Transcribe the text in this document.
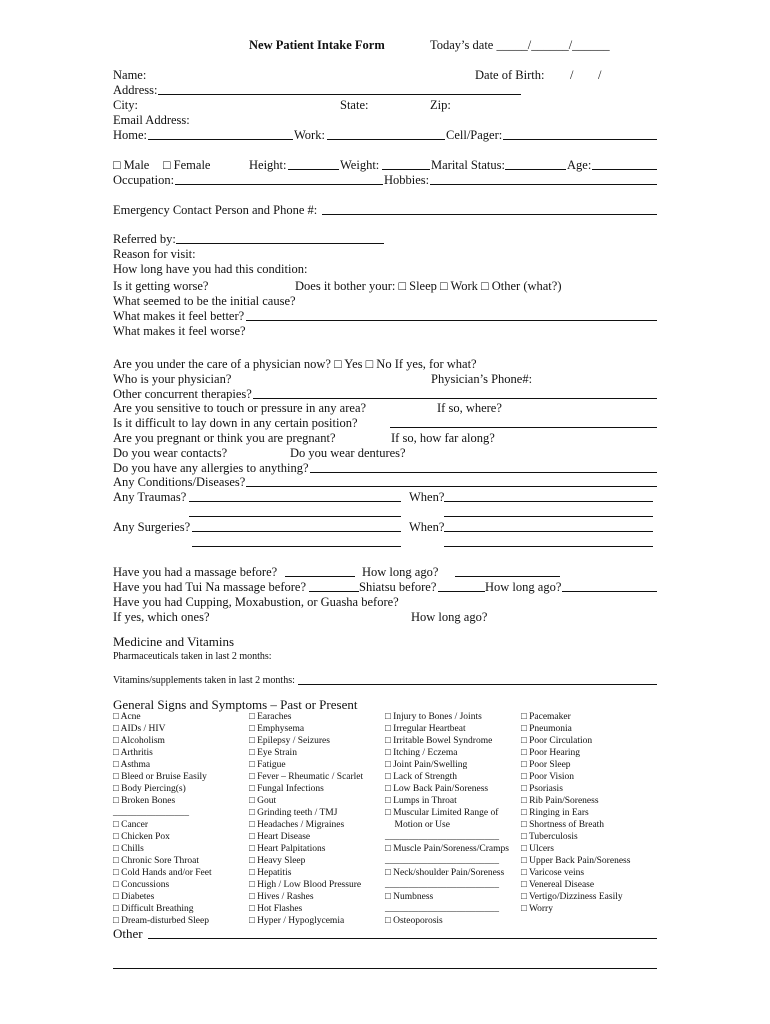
New Patient Intake Form	Today’s date _____/______/______
Name:	Date of Birth: / /
Address:
City:	State:	Zip:
Email Address:
Home:	Work:	Cell/Pager:
□ Male □ Female	Height:	Weight:	Marital Status:	Age:
Occupation:	Hobbies:
Emergency Contact Person and Phone #:
Referred by:
Reason for visit:
How long have you had this condition:
Is it getting worse?	Does it bother your: □ Sleep □ Work □ Other (what?)
What seemed to be the initial cause?
What makes it feel better?
What makes it feel worse?
Are you under the care of a physician now? □ Yes □ No If yes, for what?
Who is your physician?	Physician’s Phone#:
Other concurrent therapies?
Are you sensitive to touch or pressure in any area?	If so, where?
Is it difficult to lay down in any certain position?
Are you pregnant or think you are pregnant?	If so, how far along?
Do you wear contacts?	Do you wear dentures?
Do you have any allergies to anything?
Any Conditions/Diseases?
Any Traumas?	When?
Any Surgeries?	When?
Have you had a massage before?	How long ago?
Have you had Tui Na massage before?	Shiatsu before?	How long ago?
Have you had Cupping, Moxabustion, or Guasha before?
If yes, which ones?	How long ago?
Medicine and Vitamins
Pharmaceuticals taken in last 2 months:
Vitamins/supplements taken in last 2 months:
General Signs and Symptoms – Past or Present
□ Acne
□ AIDs / HIV
□ Alcoholism
□ Arthritis
□ Asthma
□ Bleed or Bruise Easily
□ Body Piercing(s)
□ Broken Bones
________________
□ Cancer
□ Chicken Pox
□ Chills
□ Chronic Sore Throat
□ Cold Hands and/or Feet
□ Concussions
□ Diabetes
□ Difficult Breathing
□ Dream-disturbed Sleep
□ Earaches
□ Emphysema
□ Epilepsy / Seizures
□ Eye Strain
□ Fatigue
□ Fever – Rheumatic / Scarlet
□ Fungal Infections
□ Gout
□ Grinding teeth / TMJ
□ Headaches / Migraines
□ Heart Disease
□ Heart Palpitations
□ Heavy Sleep
□ Hepatitis
□ High / Low Blood Pressure
□ Hives / Rashes
□ Hot Flashes
□ Hyper / Hypoglycemia
□ Injury to Bones / Joints
□ Irregular Heartbeat
□ Irritable Bowel Syndrome
□ Itching / Eczema
□ Joint Pain/Swelling
□ Lack of Strength
□ Low Back Pain/Soreness
□ Lumps in Throat
□ Muscular Limited Range of
Motion or Use
________________________
□ Muscle Pain/Soreness/Cramps
________________________
□ Neck/shoulder Pain/Soreness
________________________
□ Numbness
________________________
□ Osteoporosis
□ Pacemaker
□ Pneumonia
□ Poor Circulation
□ Poor Hearing
□ Poor Sleep
□ Poor Vision
□ Psoriasis
□ Rib Pain/Soreness
□ Ringing in Ears
□ Shortness of Breath
□ Tuberculosis
□ Ulcers
□ Upper Back Pain/Soreness
□ Varicose veins
□ Venereal Disease
□ Vertigo/Dizziness Easily
□ Worry
Other
